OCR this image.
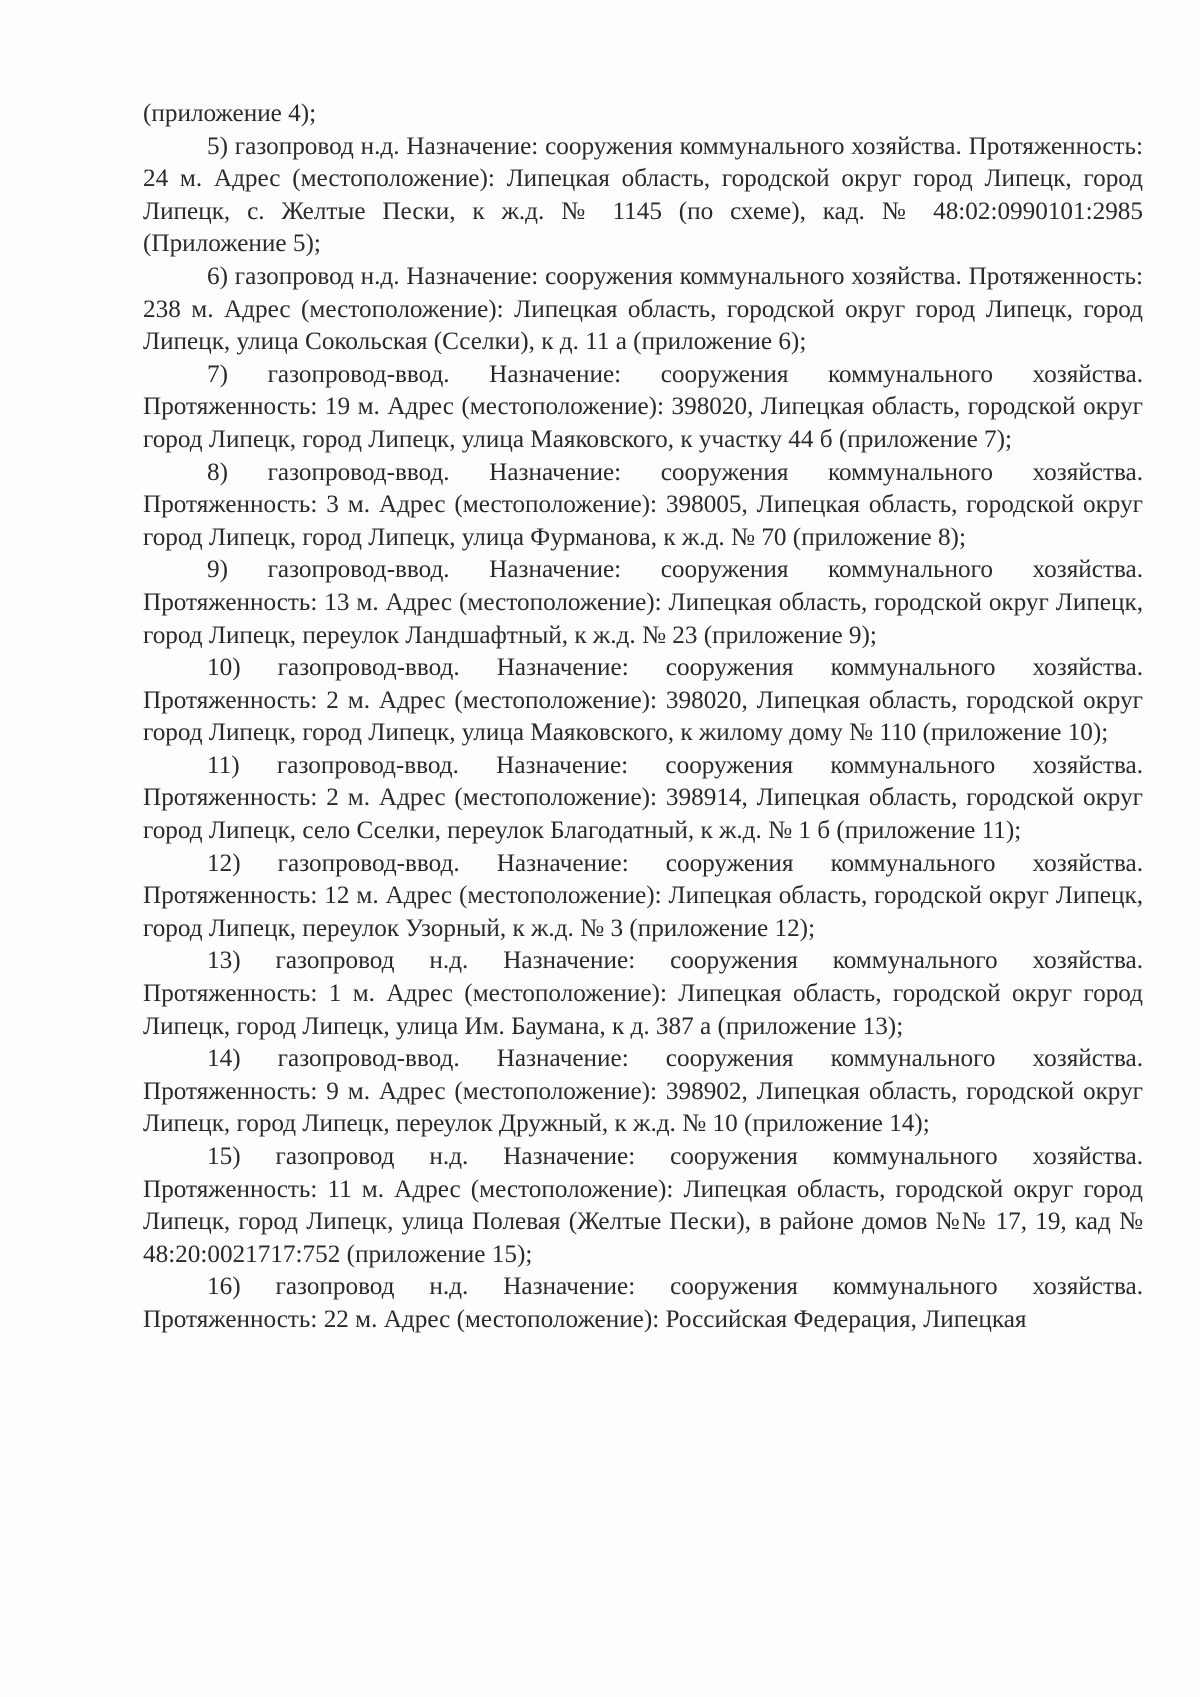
(приложение 4);

5) газопровод н.д. Назначение: сооружения коммунального хозяйства. Протяженность: 24 м. Адрес (местоположение): Липецкая область, городской округ город Липецк, город Липецк, с. Желтые Пески, к ж.д. № 1145 (по схеме), кад. № 48:02:0990101:2985 (Приложение 5);

6) газопровод н.д. Назначение: сооружения коммунального хозяйства. Протяженность: 238 м. Адрес (местоположение): Липецкая область, городской округ город Липецк, город Липецк, улица Сокольская (Сселки), к д. 11 а (приложение 6);

7) газопровод-ввод. Назначение: сооружения коммунального хозяйства. Протяженность: 19 м. Адрес (местоположение): 398020, Липецкая область, городской округ город Липецк, город Липецк, улица Маяковского, к участку 44 б (приложение 7);

8) газопровод-ввод. Назначение: сооружения коммунального хозяйства. Протяженность: 3 м. Адрес (местоположение): 398005, Липецкая область, городской округ город Липецк, город Липецк, улица Фурманова, к ж.д. № 70 (приложение 8);

9) газопровод-ввод. Назначение: сооружения коммунального хозяйства. Протяженность: 13 м. Адрес (местоположение): Липецкая область, городской округ Липецк, город Липецк, переулок Ландшафтный, к ж.д. № 23 (приложение 9);

10) газопровод-ввод. Назначение: сооружения коммунального хозяйства. Протяженность: 2 м. Адрес (местоположение): 398020, Липецкая область, городской округ город Липецк, город Липецк, улица Маяковского, к жилому дому № 110 (приложение 10);

11) газопровод-ввод. Назначение: сооружения коммунального хозяйства. Протяженность: 2 м. Адрес (местоположение): 398914, Липецкая область, городской округ город Липецк, село Сселки, переулок Благодатный, к ж.д. № 1 б (приложение 11);

12) газопровод-ввод. Назначение: сооружения коммунального хозяйства. Протяженность: 12 м. Адрес (местоположение): Липецкая область, городской округ Липецк, город Липецк, переулок Узорный, к ж.д. № 3 (приложение 12);

13) газопровод н.д. Назначение: сооружения коммунального хозяйства. Протяженность: 1 м. Адрес (местоположение): Липецкая область, городской округ город Липецк, город Липецк, улица Им. Баумана, к д. 387 а (приложение 13);

14) газопровод-ввод. Назначение: сооружения коммунального хозяйства. Протяженность: 9 м. Адрес (местоположение): 398902, Липецкая область, городской округ Липецк, город Липецк, переулок Дружный, к ж.д. № 10 (приложение 14);

15) газопровод н.д. Назначение: сооружения коммунального хозяйства. Протяженность: 11 м. Адрес (местоположение): Липецкая область, городской округ город Липецк, город Липецк, улица Полевая (Желтые Пески), в районе домов №№ 17, 19, кад № 48:20:0021717:752 (приложение 15);

16) газопровод н.д. Назначение: сооружения коммунального хозяйства. Протяженность: 22 м. Адрес (местоположение): Российская Федерация, Липецкая
